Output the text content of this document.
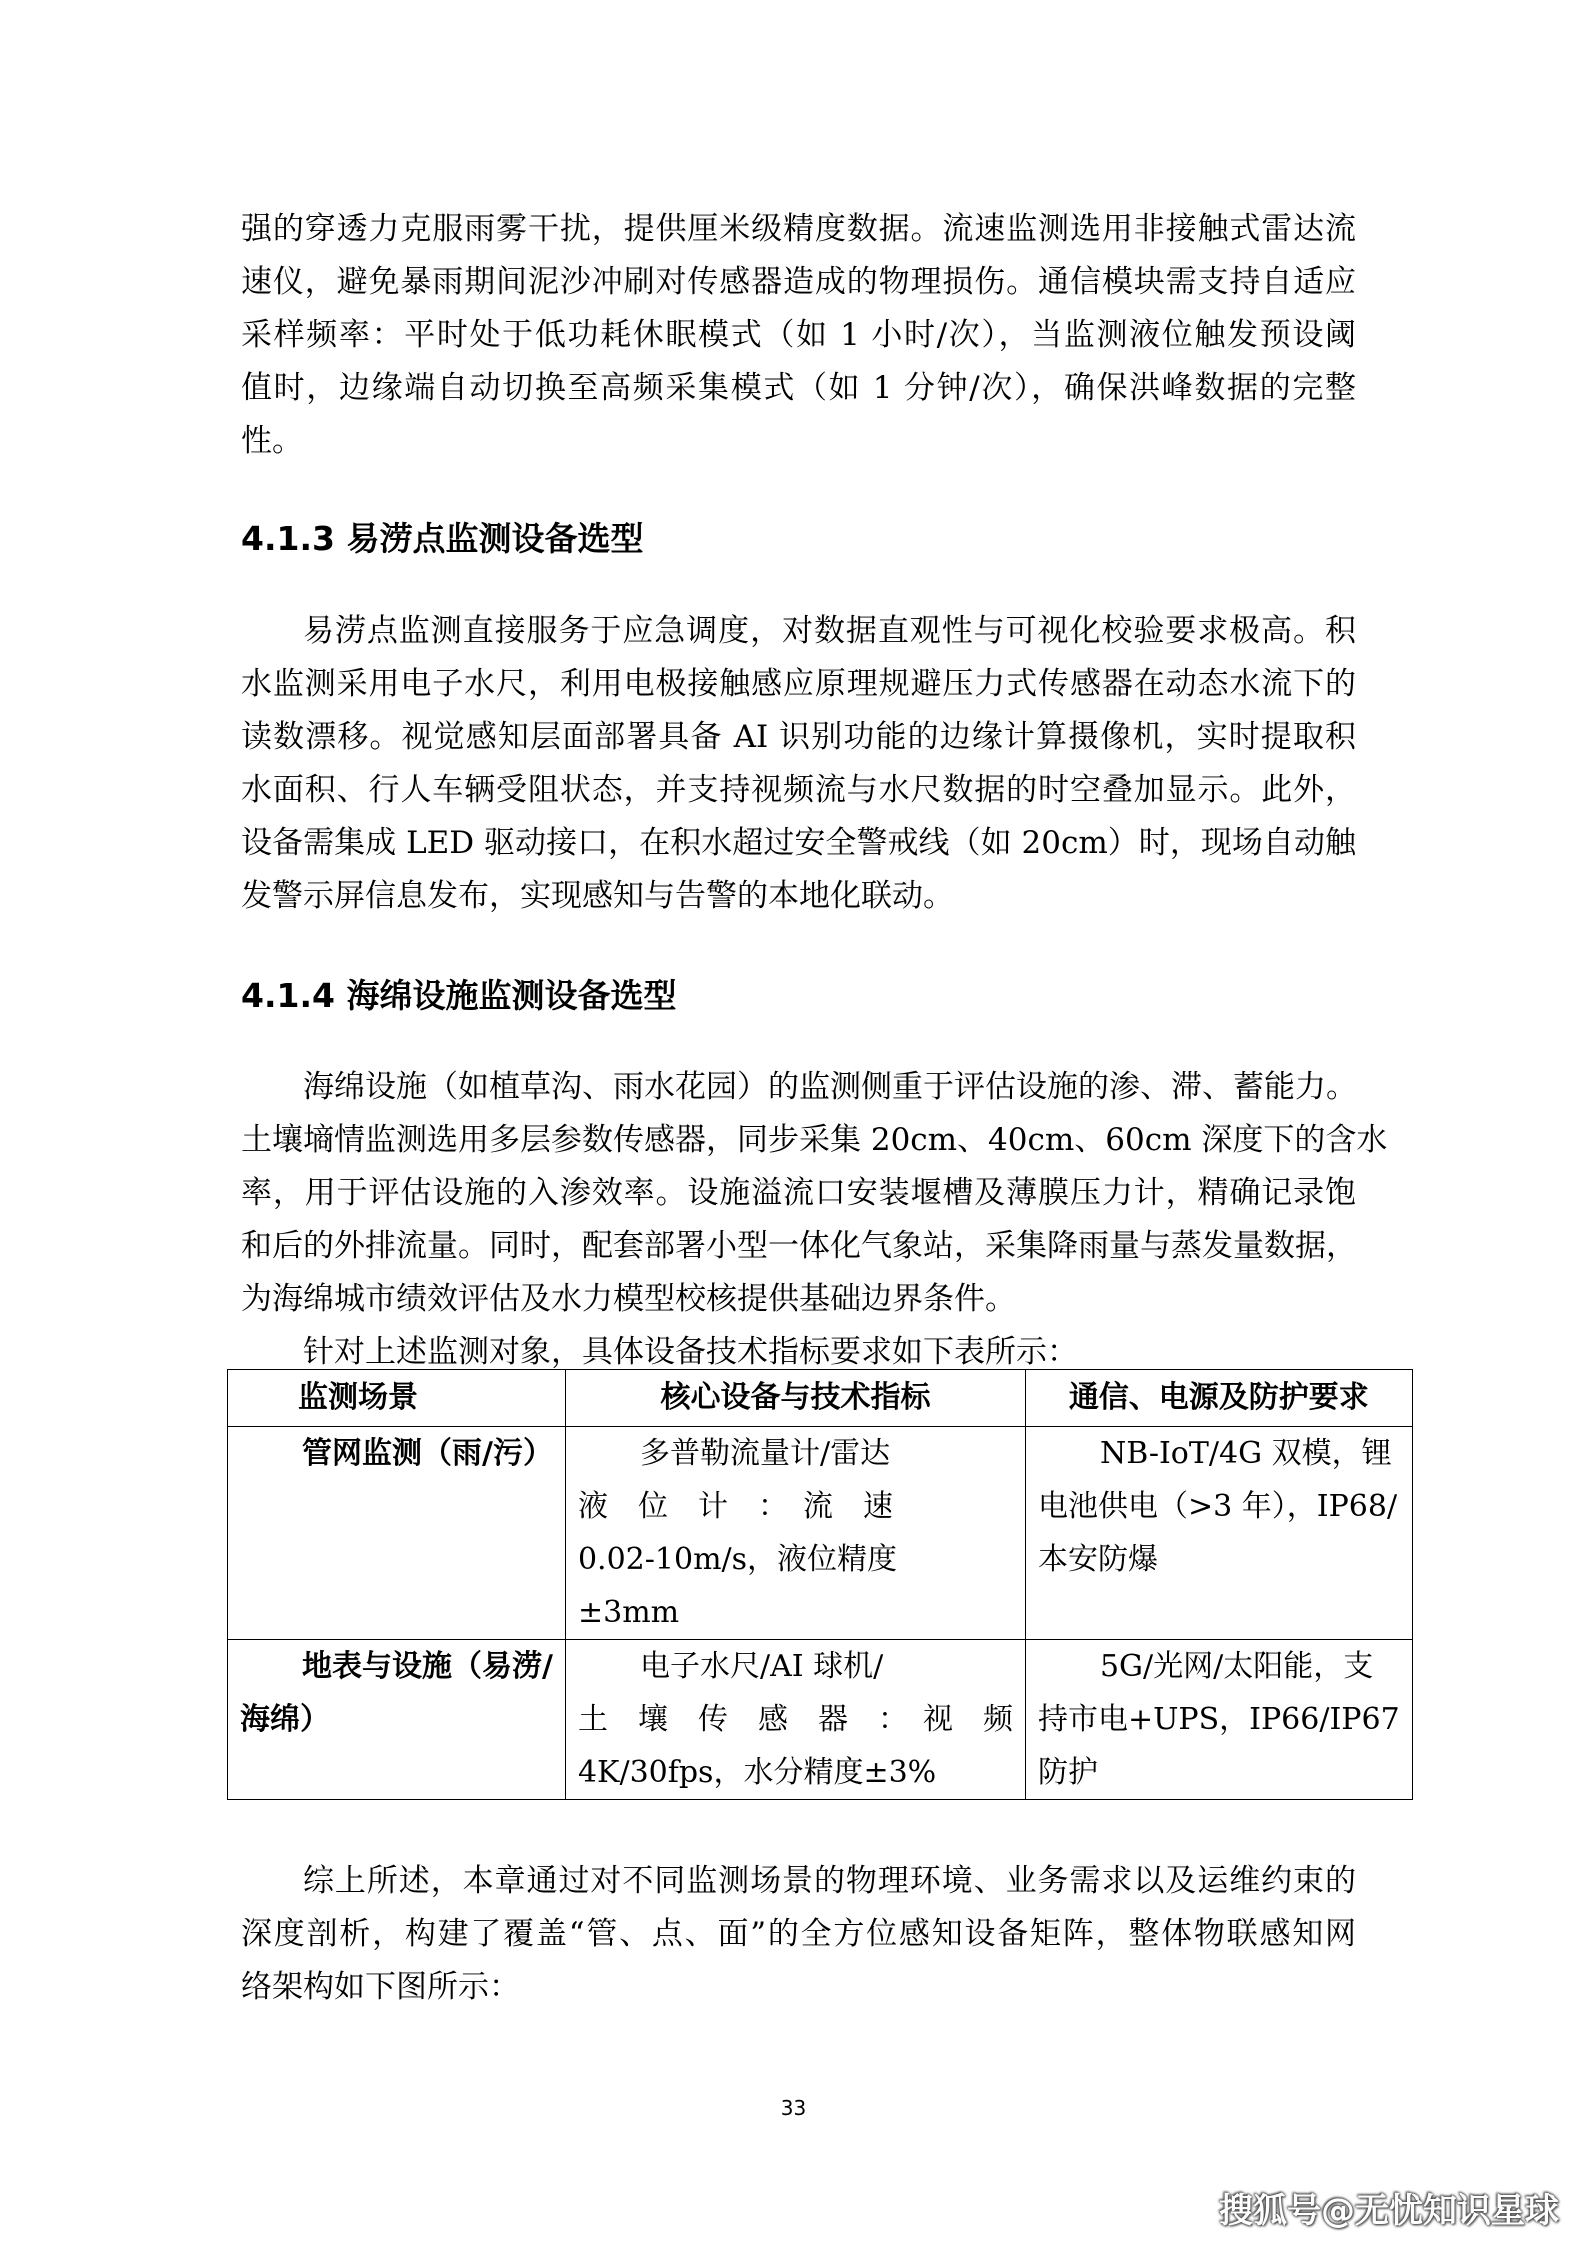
强的穿透力克服雨雾干扰，提供厘米级精度数据。流速监测选用非接触式雷达流
速仪，避免暴雨期间泥沙冲刷对传感器造成的物理损伤。通信模块需支持自适应
采样频率：平时处于低功耗休眠模式（如 1 小时/次），当监测液位触发预设阈
值时，边缘端自动切换至高频采集模式（如 1 分钟/次），确保洪峰数据的完整
性。
4.1.3 易涝点监测设备选型
易涝点监测直接服务于应急调度，对数据直观性与可视化校验要求极高。积
水监测采用电子水尺，利用电极接触感应原理规避压力式传感器在动态水流下的
读数漂移。视觉感知层面部署具备 AI 识别功能的边缘计算摄像机，实时提取积
水面积、行人车辆受阻状态，并支持视频流与水尺数据的时空叠加显示。此外，
设备需集成 LED 驱动接口，在积水超过安全警戒线（如 20cm）时，现场自动触
发警示屏信息发布，实现感知与告警的本地化联动。
4.1.4 海绵设施监测设备选型
海绵设施（如植草沟、雨水花园）的监测侧重于评估设施的渗、滞、蓄能力。
土壤墒情监测选用多层参数传感器，同步采集 20cm、40cm、60cm 深度下的含水
率，用于评估设施的入渗效率。设施溢流口安装堰槽及薄膜压力计，精确记录饱
和后的外排流量。同时，配套部署小型一体化气象站，采集降雨量与蒸发量数据，
为海绵城市绩效评估及水力模型校核提供基础边界条件。
针对上述监测对象，具体设备技术指标要求如下表所示：
监测场景	核心设备与技术指标	通信、电源及防护要求

管网监测（雨/污）	多普勒流量计/雷达
液　位　计　：　流　速
0.02-10m/s，液位精度
±3mm	NB-IoT/4G 双模，锂
电池供电（>3 年），IP68/
本安防爆

地表与设施（易涝/
海绵）	电子水尺/AI 球机/
土　壤　传　感　器　：　视　频
4K/30fps，水分精度±3%	5G/光网/太阳能，支
持市电+UPS，IP66/IP67
防护
综上所述，本章通过对不同监测场景的物理环境、业务需求以及运维约束的
深度剖析，构建了覆盖“管、点、面”的全方位感知设备矩阵，整体物联感知网
络架构如下图所示：
33
搜狐号@无忧知识星球
